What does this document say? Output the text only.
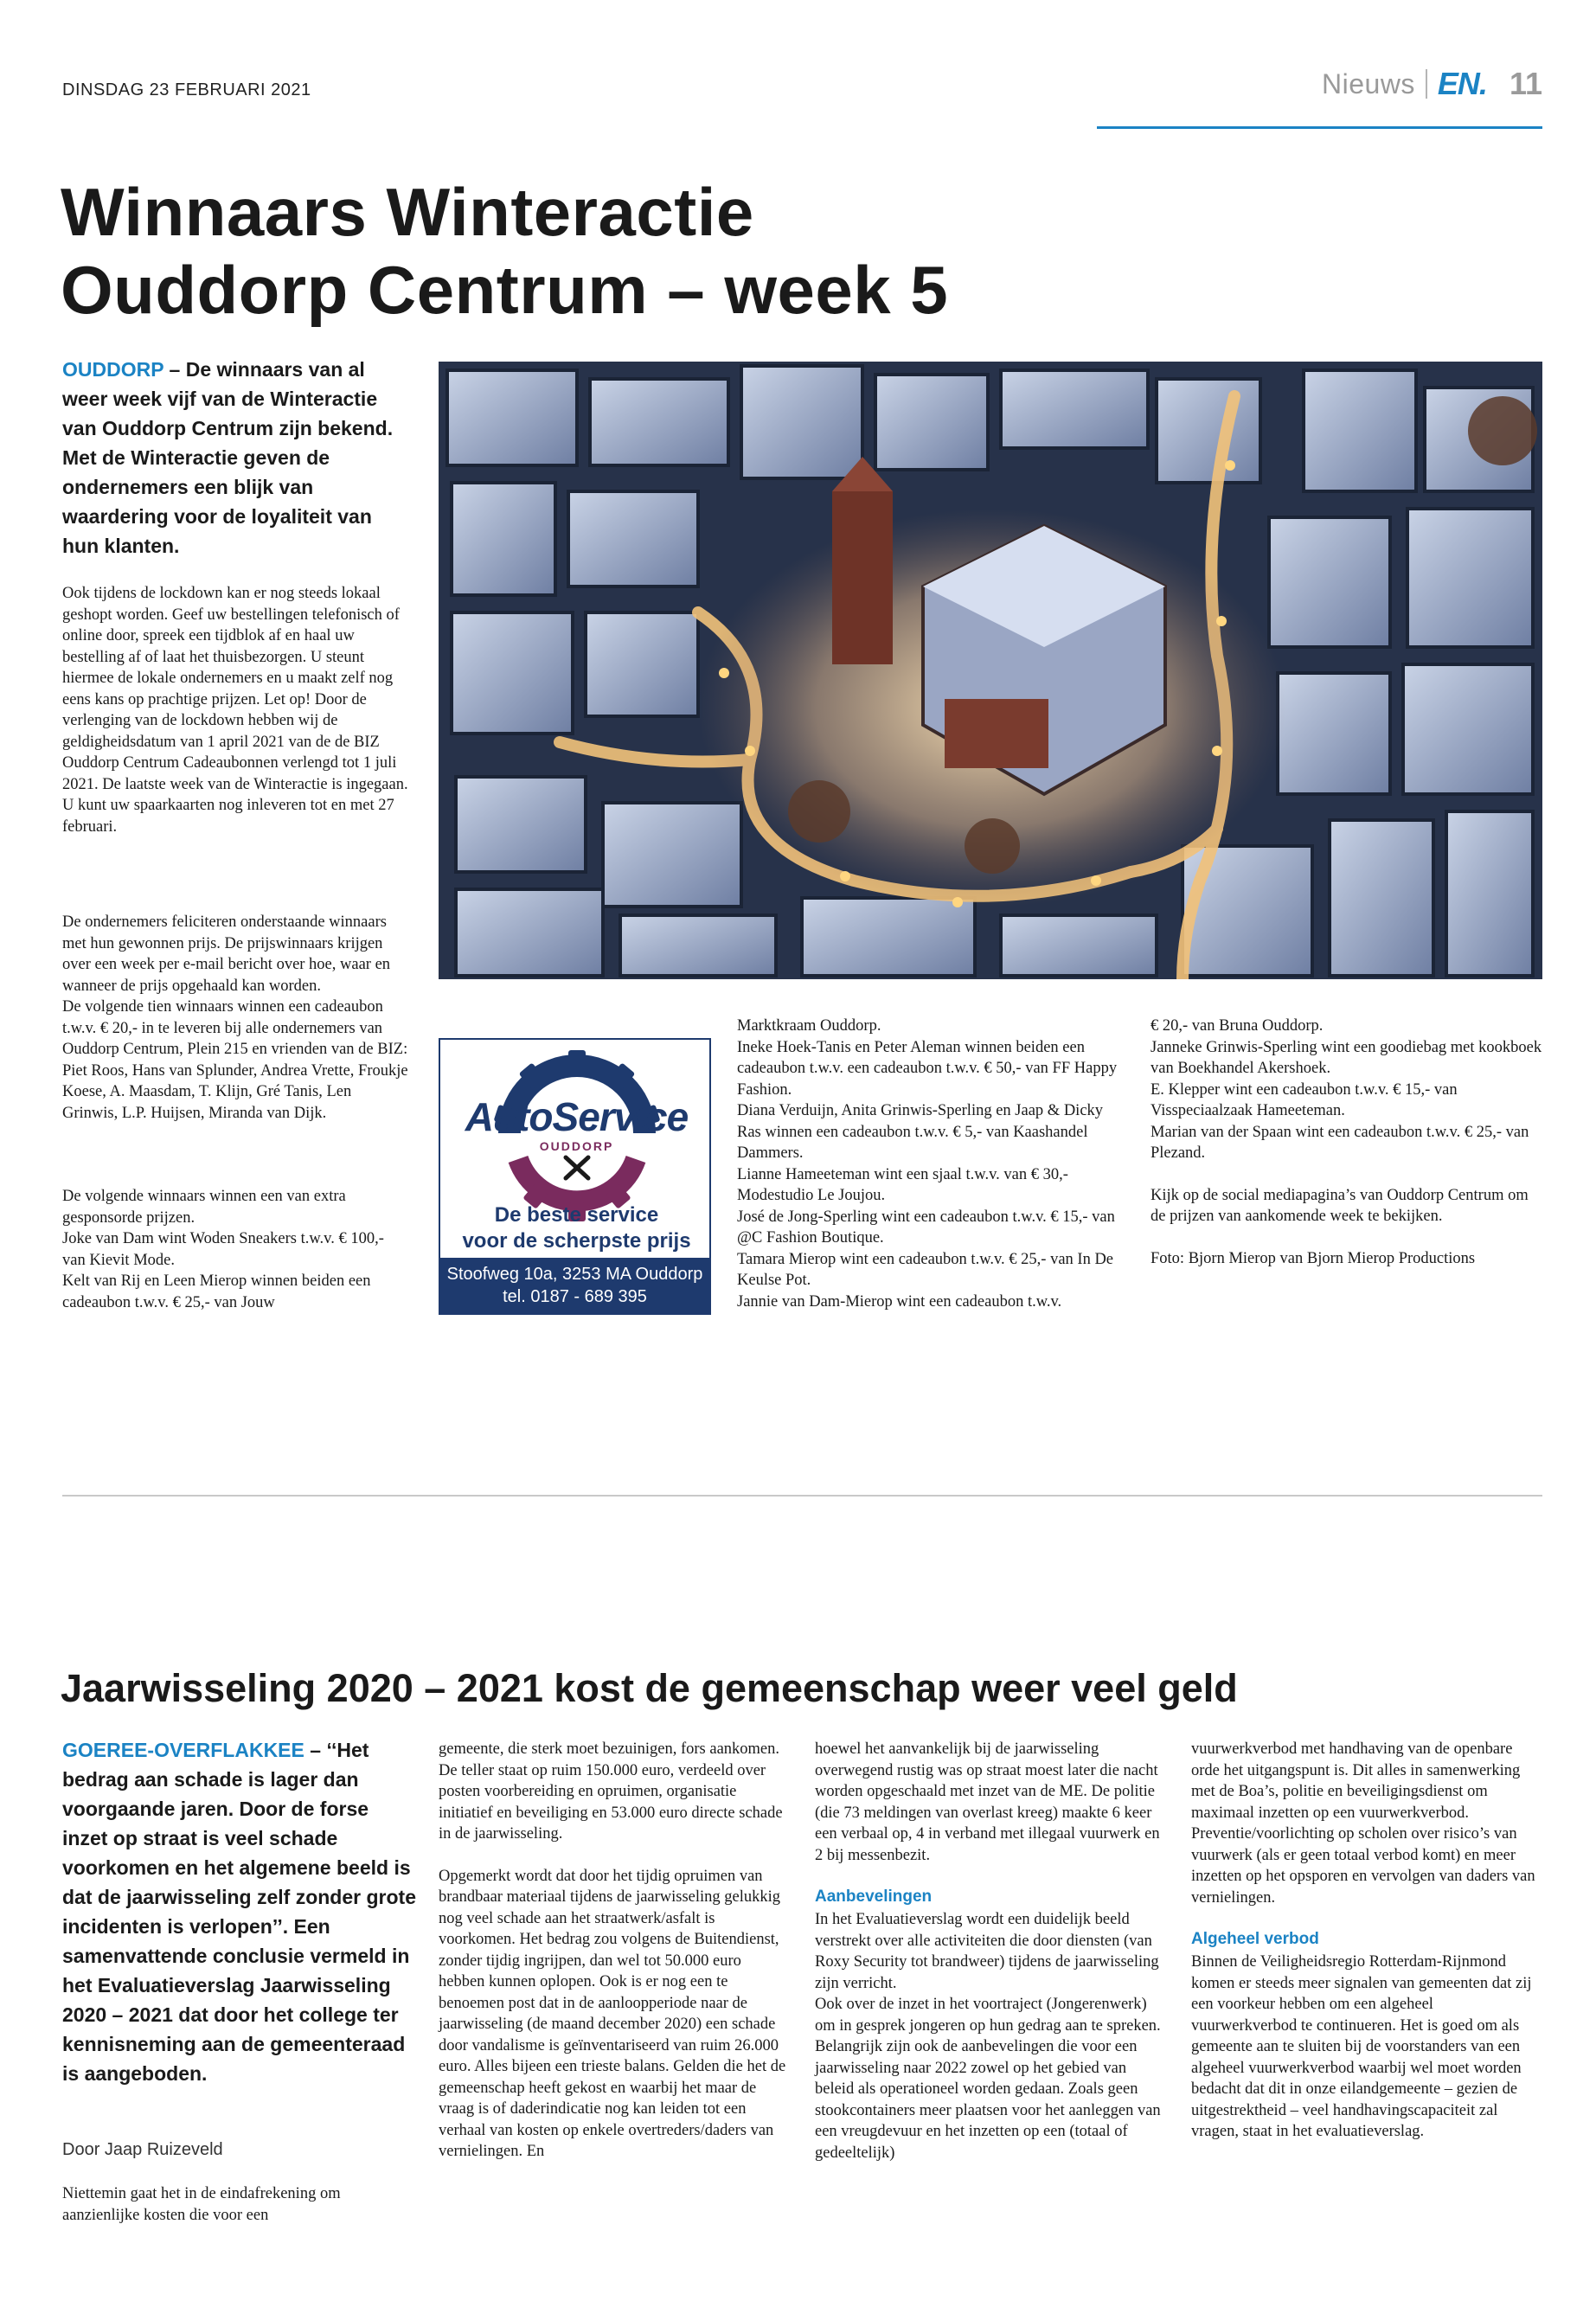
DINSDAG 23 FEBRUARI 2021	Nieuws EN. 11
Winnaars Winteractie
Ouddorp Centrum – week 5
OUDDORP – De winnaars van al weer week vijf van de Winteractie van Ouddorp Centrum zijn bekend. Met de Winteractie geven de ondernemers een blijk van waardering voor de loyaliteit van hun klanten.

Ook tijdens de lockdown kan er nog steeds lokaal geshopt worden. Geef uw bestellingen telefonisch of online door, spreek een tijdblok af en haal uw bestelling af of laat het thuisbezorgen. U steunt hiermee de lokale ondernemers en u maakt zelf nog eens kans op prachtige prijzen. Let op! Door de verlenging van de lockdown hebben wij de geldigheidsdatum van 1 april 2021 van de de BIZ Ouddorp Centrum Cadeaubonnen verlengd tot 1 juli 2021. De laatste week van de Winteractie is ingegaan. U kunt uw spaarkaarten nog inleveren tot en met 27 februari.

De ondernemers feliciteren onderstaande winnaars met hun gewonnen prijs. De prijswinnaars krijgen over een week per e-mail bericht over hoe, waar en wanneer de prijs opgehaald kan worden.

De volgende tien winnaars winnen een cadeaubon t.w.v. € 20,- in te leveren bij alle ondernemers van Ouddorp Centrum, Plein 215 en vrienden van de BIZ: Piet Roos, Hans van Splunder, Andrea Vrette, Froukje Koese, A. Maasdam, T. Klijn, Gré Tanis, Len Grinwis, L.P. Huijsen, Miranda van Dijk.

De volgende winnaars winnen een van extra gesponsorde prijzen.

Joke van Dam wint Woden Sneakers t.w.v. € 100,- van Kievit Mode.

Kelt van Rij en Leen Mierop winnen beiden een cadeaubon t.w.v. € 25,- van Jouw

AutoService
OUDDORP
De beste service
voor de scherpste prijs
Stoofweg 10a, 3253 MA Ouddorp
tel. 0187 - 689 395

Marktkraam Ouddorp.

Ineke Hoek-Tanis en Peter Aleman winnen beiden een cadeaubon t.w.v. een cadeaubon t.w.v. € 50,- van FF Happy Fashion.

Diana Verduijn, Anita Grinwis-Sperling en Jaap & Dicky Ras winnen een cadeaubon t.w.v. € 5,- van Kaashandel Dammers.

Lianne Hameeteman wint een sjaal t.w.v. van € 30,- Modestudio Le Joujou.

José de Jong-Sperling wint een cadeaubon t.w.v. € 15,- van @C Fashion Boutique.

Tamara Mierop wint een cadeaubon t.w.v. € 25,- van In De Keulse Pot.

Jannie van Dam-Mierop wint een cadeaubon t.w.v.

€ 20,- van Bruna Ouddorp.

Janneke Grinwis-Sperling wint een goodiebag met kookboek van Boekhandel Akershoek.

E. Klepper wint een cadeaubon t.w.v. € 15,- van Visspeciaalzaak Hameeteman.

Marian van der Spaan wint een cadeaubon t.w.v. € 25,- van Plezand.

Kijk op de social mediapagina’s van Ouddorp Centrum om de prijzen van aankomende week te bekijken.

Foto: Bjorn Mierop van Bjorn Mierop Productions

Jaarwisseling 2020 – 2021 kost de gemeenschap weer veel geld
GOEREE-OVERFLAKKEE – ‘‘Het bedrag aan schade is lager dan voorgaande jaren. Door de forse inzet op straat is veel schade voorkomen en het algemene beeld is dat de jaarwisseling zelf zonder grote incidenten is verlopen’’. Een samenvattende conclusie vermeld in het Evaluatieverslag Jaarwisseling 2020 – 2021 dat door het college ter kennisneming aan de gemeenteraad is aangeboden.
Door Jaap Ruizeveld

Niettemin gaat het in de eindafrekening om aanzienlijke kosten die voor een

gemeente, die sterk moet bezuinigen, fors aankomen. De teller staat op ruim 150.000 euro, verdeeld over posten voorbereiding en opruimen, organisatie initiatief en beveiliging en 53.000 euro directe schade in de jaarwisseling.

Opgemerkt wordt dat door het tijdig opruimen van brandbaar materiaal tijdens de jaarwisseling gelukkig nog veel schade aan het straatwerk/asfalt is voorkomen. Het bedrag zou volgens de Buitendienst, zonder tijdig ingrijpen, dan wel tot 50.000 euro hebben kunnen oplopen. Ook is er nog een te benoemen post dat in de aanloopperiode naar de jaarwisseling (de maand december 2020) een schade door vandalisme is geïnventariseerd van ruim 26.000 euro. Alles bijeen een trieste balans. Gelden die het de gemeenschap heeft gekost en waarbij het maar de vraag is of daderindicatie nog kan leiden tot een verhaal van kosten op enkele overtreders/daders van vernielingen. En

hoewel het aanvankelijk bij de jaarwisseling overwegend rustig was op straat moest later die nacht worden opgeschaald met inzet van de ME. De politie (die 73 meldingen van overlast kreeg) maakte 6 keer een verbaal op, 4 in verband met illegaal vuurwerk en 2 bij messenbezit.

Aanbevelingen

In het Evaluatieverslag wordt een duidelijk beeld verstrekt over alle activiteiten die door diensten (van Roxy Security tot brandweer) tijdens de jaarwisseling zijn verricht.

Ook over de inzet in het voortraject (Jongerenwerk) om in gesprek jongeren op hun gedrag aan te spreken. Belangrijk zijn ook de aanbevelingen die voor een jaarwisseling naar 2022 zowel op het gebied van beleid als operationeel worden gedaan. Zoals geen stookcontainers meer plaatsen voor het aanleggen van een vreugdevuur en het inzetten op een (totaal of gedeeltelijk)

vuurwerkverbod met handhaving van de openbare orde het uitgangspunt is. Dit alles in samenwerking met de Boa’s, politie en beveiligingsdienst om maximaal inzetten op een vuurwerkverbod. Preventie/voorlichting op scholen over risico’s van vuurwerk (als er geen totaal verbod komt) en meer inzetten op het opsporen en vervolgen van daders van vernielingen.

Algeheel verbod

Binnen de Veiligheidsregio Rotterdam-Rijnmond komen er steeds meer signalen van gemeenten dat zij een voorkeur hebben om een algeheel vuurwerkverbod te continueren. Het is goed om als gemeente aan te sluiten bij de voorstanders van een algeheel vuurwerkverbod waarbij wel moet worden bedacht dat dit in onze eilandgemeente – gezien de uitgestrektheid – veel handhavingscapaciteit zal vragen, staat in het evaluatieverslag.
